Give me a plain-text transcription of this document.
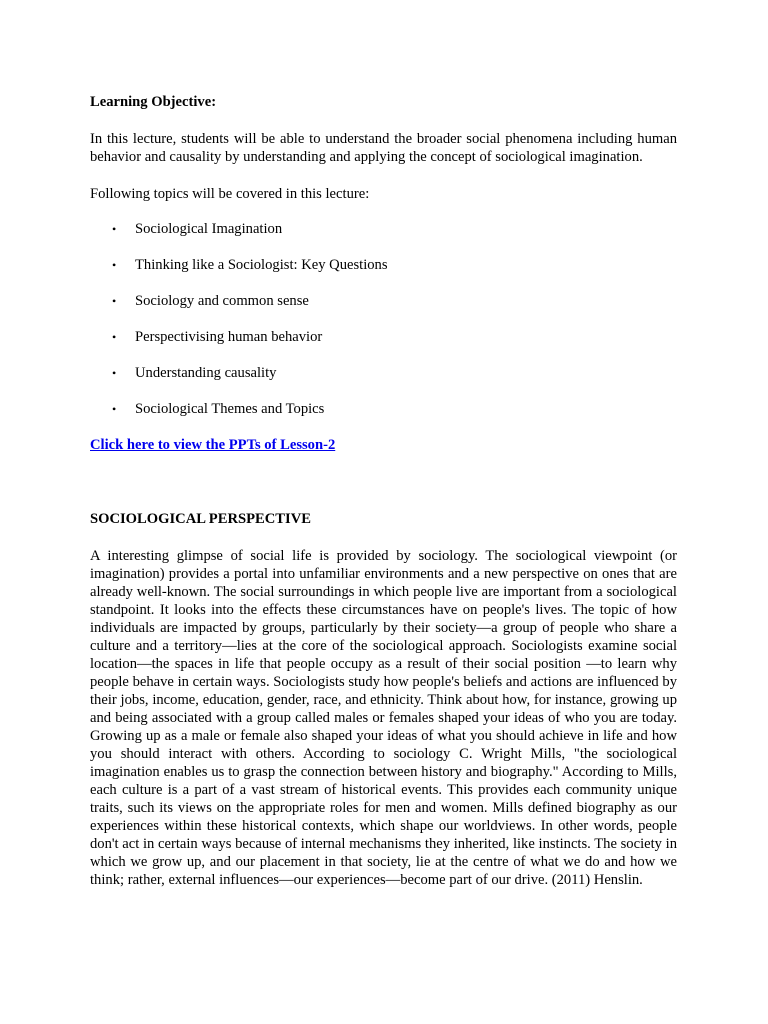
Learning Objective:

In this lecture, students will be able to understand the broader social phenomena including human behavior and causality by understanding and applying the concept of sociological imagination.

Following topics will be covered in this lecture:

• Sociological Imagination
• Thinking like a Sociologist: Key Questions
• Sociology and common sense
• Perspectivising human behavior
• Understanding causality
• Sociological Themes and Topics
Click here to view the PPTs of Lesson-2

SOCIOLOGICAL PERSPECTIVE

A interesting glimpse of social life is provided by sociology. The sociological viewpoint (or imagination) provides a portal into unfamiliar environments and a new perspective on ones that are already well-known. The social surroundings in which people live are important from a sociological standpoint. It looks into the effects these circumstances have on people's lives. The topic of how individuals are impacted by groups, particularly by their society—a group of people who share a culture and a territory—lies at the core of the sociological approach. Sociologists examine social location—the spaces in life that people occupy as a result of their social position —to learn why people behave in certain ways. Sociologists study how people's beliefs and actions are influenced by their jobs, income, education, gender, race, and ethnicity. Think about how, for instance, growing up and being associated with a group called males or females shaped your ideas of who you are today. Growing up as a male or female also shaped your ideas of what you should achieve in life and how you should interact with others. According to sociology C. Wright Mills, "the sociological imagination enables us to grasp the connection between history and biography." According to Mills, each culture is a part of a vast stream of historical events. This provides each community unique traits, such its views on the appropriate roles for men and women. Mills defined biography as our experiences within these historical contexts, which shape our worldviews. In other words, people don't act in certain ways because of internal mechanisms they inherited, like instincts. The society in which we grow up, and our placement in that society, lie at the centre of what we do and how we think; rather, external influences—our experiences—become part of our drive. (2011) Henslin.
